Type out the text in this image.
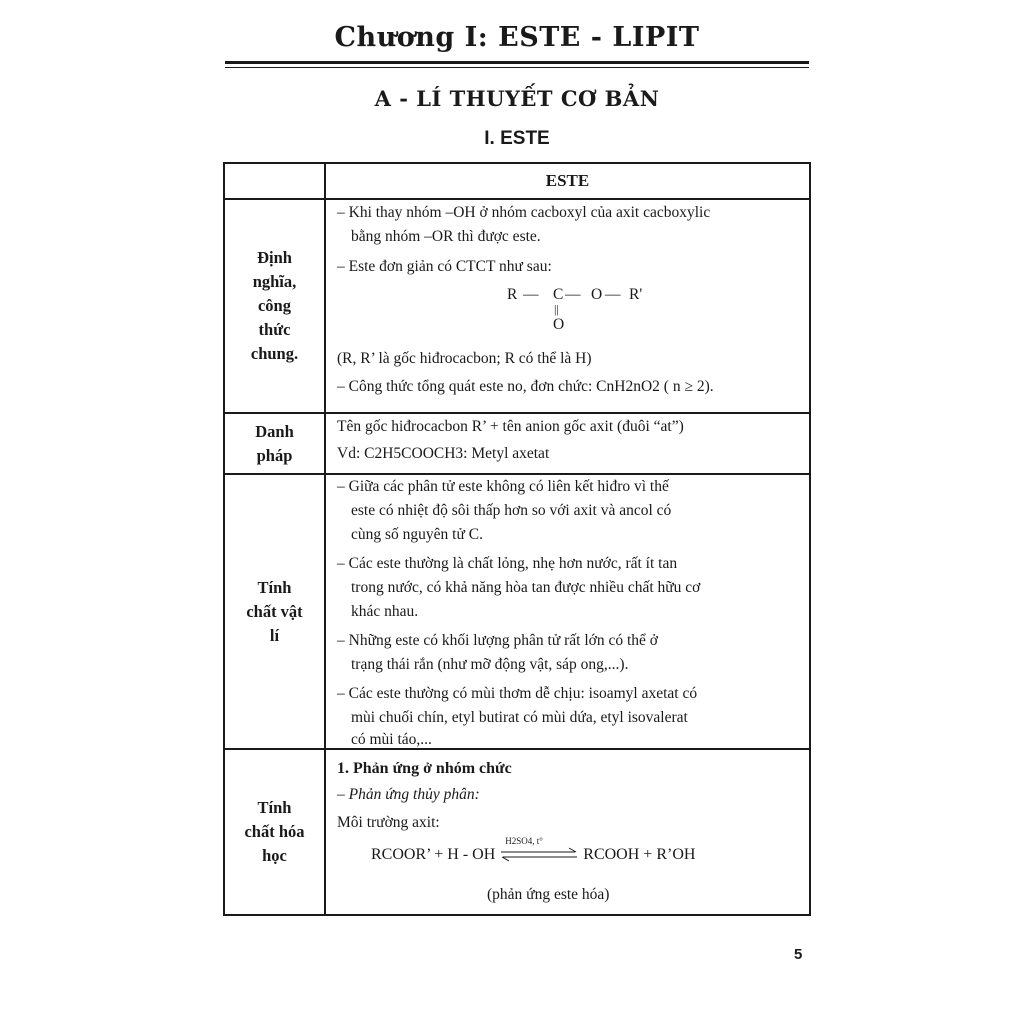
Chương I: ESTE - LIPIT
A - LÍ THUYẾT CƠ BẢN
I. ESTE
ESTE
Định
nghĩa,
công
thức
chung.
– Khi thay nhóm –OH ở nhóm cacboxyl của axit cacboxylic
bằng nhóm –OR thì được este.
– Este đơn giản có CTCT như sau:
R — C — O — R'
||
O
(R, R’ là gốc hiđrocacbon; R có thể là H)
– Công thức tổng quát este no, đơn chức: CnH2nO2 ( n ≥ 2).
Danh
pháp
Tên gốc hiđrocacbon R’ + tên anion gốc axit (đuôi “at”)
Vd: C2H5COOCH3: Metyl axetat
Tính
chất vật
lí
– Giữa các phân tử este không có liên kết hiđro vì thế
este có nhiệt độ sôi thấp hơn so với axit và ancol có
cùng số nguyên tử C.
– Các este thường là chất lỏng, nhẹ hơn nước, rất ít tan
trong nước, có khả năng hòa tan được nhiều chất hữu cơ
khác nhau.
– Những este có khối lượng phân tử rất lớn có thể ở
trạng thái rắn (như mỡ động vật, sáp ong,...).
– Các este thường có mùi thơm dễ chịu: isoamyl axetat có
mùi chuối chín, etyl butirat có mùi dứa, etyl isovalerat
có mùi táo,...
Tính
chất hóa
học
1. Phản ứng ở nhóm chức
– Phản ứng thủy phân:
Môi trường axit:
RCOOR’ + H - OH
H2SO4, t°
RCOOH + R’OH
(phản ứng este hóa)
5
